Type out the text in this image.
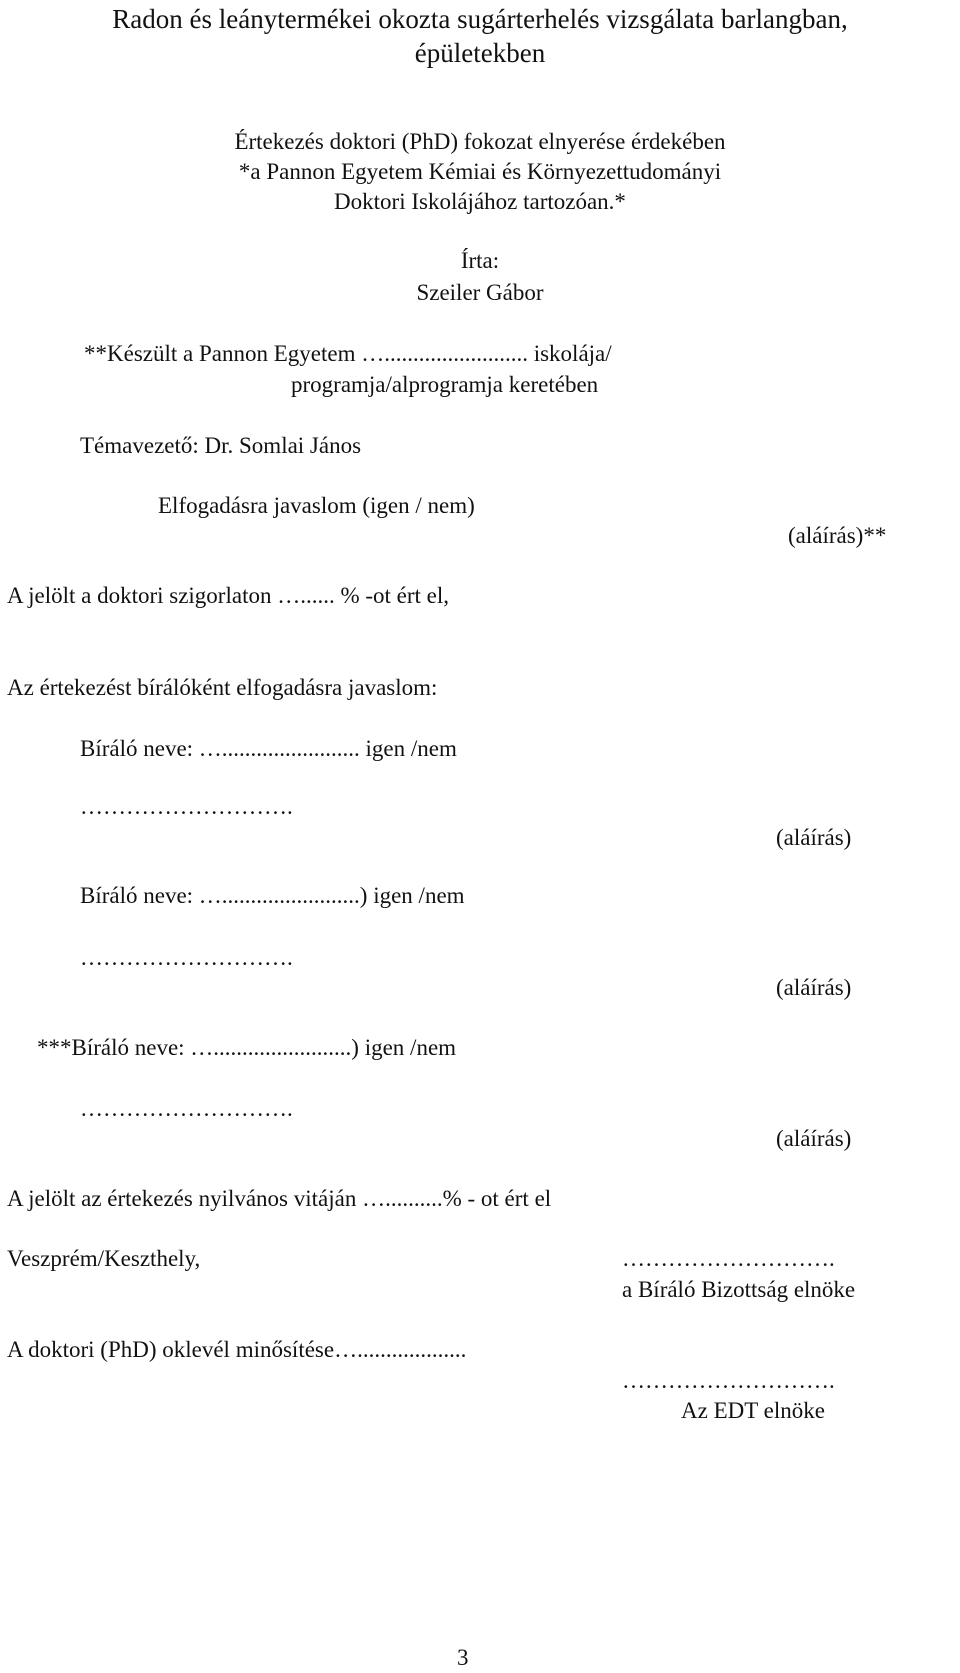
Radon és leánytermékei okozta sugárterhelés vizsgálata barlangban,
épületekben
Értekezés doktori (PhD) fokozat elnyerése érdekében
*a Pannon Egyetem Kémiai és Környezettudományi
Doktori Iskolájához tartozóan.*
Írta:
Szeiler Gábor
**Készült a Pannon Egyetem …......................... iskolája/
programja/alprogramja keretében
Témavezető: Dr. Somlai János
Elfogadásra javaslom (igen / nem)
(aláírás)**
A jelölt a doktori szigorlaton …...... % -ot ért el,
Az értekezést bírálóként elfogadásra javaslom:
Bíráló neve: …........................ igen /nem
……………………….
(aláírás)
Bíráló neve: …........................) igen /nem
……………………….
(aláírás)
***Bíráló neve: …........................) igen /nem
……………………….
(aláírás)
A jelölt az értekezés nyilvános vitáján …..........% - ot ért el
Veszprém/Keszthely,	……………………….
a Bíráló Bizottság elnöke
A doktori (PhD) oklevél minősítése…...................
……………………….
Az EDT elnöke
3
